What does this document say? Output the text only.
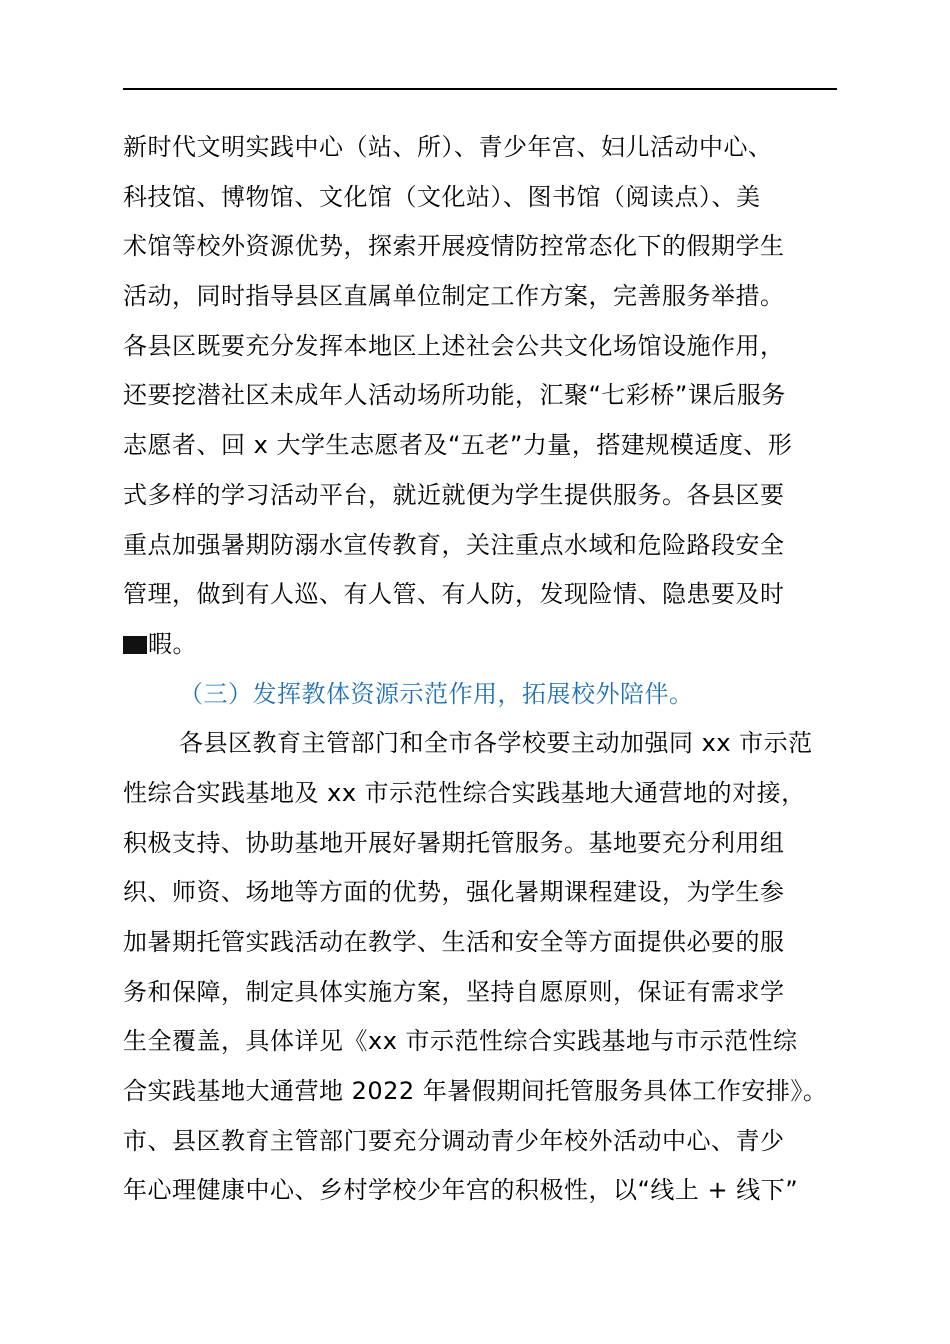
新时代文明实践中心（站、所）、青少年宫、妇儿活动中心、
科技馆、博物馆、文化馆（文化站）、图书馆（阅读点）、美
术馆等校外资源优势，探索开展疫情防控常态化下的假期学生
活动，同时指导县区直属单位制定工作方案，完善服务举措。
各县区既要充分发挥本地区上述社会公共文化场馆设施作用，
还要挖潜社区未成年人活动场所功能，汇聚“七彩桥”课后服务
志愿者、回 x 大学生志愿者及“五老”力量，搭建规模适度、形
式多样的学习活动平台，就近就便为学生提供服务。各县区要
重点加强暑期防溺水宣传教育，关注重点水域和危险路段安全
管理，做到有人巡、有人管、有人防，发现险情、隐患要及时
暇。
（三）发挥教体资源示范作用，拓展校外陪伴。
各县区教育主管部门和全市各学校要主动加强同 xx 市示范
性综合实践基地及 xx 市示范性综合实践基地大通营地的对接，
积极支持、协助基地开展好暑期托管服务。基地要充分利用组
织、师资、场地等方面的优势，强化暑期课程建设，为学生参
加暑期托管实践活动在教学、生活和安全等方面提供必要的服
务和保障，制定具体实施方案，坚持自愿原则，保证有需求学
生全覆盖，具体详见《xx 市示范性综合实践基地与市示范性综
合实践基地大通营地 2022 年暑假期间托管服务具体工作安排》。
市、县区教育主管部门要充分调动青少年校外活动中心、青少
年心理健康中心、乡村学校少年宫的积极性，以“线上 + 线下”
